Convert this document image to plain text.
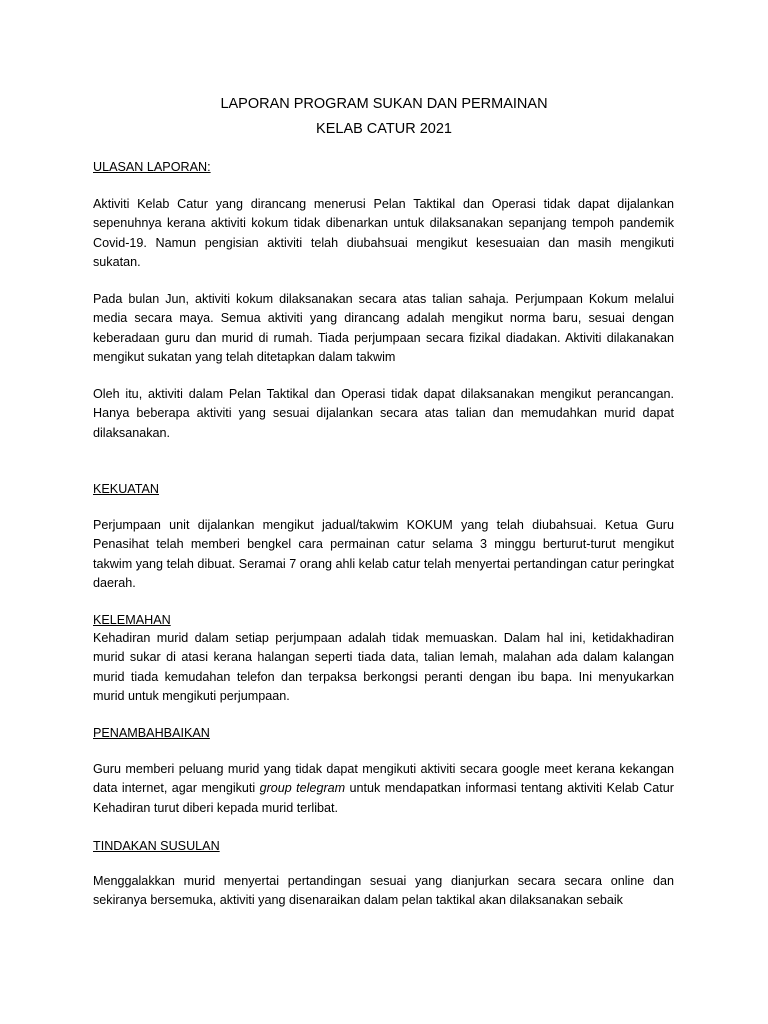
LAPORAN PROGRAM SUKAN DAN PERMAINAN

KELAB CATUR 2021

ULASAN LAPORAN:

Aktiviti Kelab Catur yang dirancang menerusi Pelan Taktikal dan Operasi tidak dapat dijalankan sepenuhnya kerana aktiviti kokum tidak dibenarkan untuk dilaksanakan sepanjang tempoh pandemik Covid-19. Namun pengisian aktiviti telah diubahsuai mengikut kesesuaian dan masih mengikuti sukatan.

Pada bulan Jun, aktiviti kokum dilaksanakan secara atas talian sahaja. Perjumpaan Kokum melalui media secara maya. Semua aktiviti yang dirancang adalah mengikut norma baru, sesuai dengan keberadaan guru dan murid di rumah. Tiada perjumpaan secara fizikal diadakan. Aktiviti dilakanakan mengikut sukatan yang telah ditetapkan dalam takwim

Oleh itu, aktiviti dalam Pelan Taktikal dan Operasi tidak dapat dilaksanakan mengikut perancangan. Hanya beberapa aktiviti yang sesuai dijalankan secara atas talian dan memudahkan murid dapat dilaksanakan.

KEKUATAN

Perjumpaan unit dijalankan mengikut jadual/takwim KOKUM yang telah diubahsuai. Ketua Guru Penasihat telah memberi bengkel cara permainan catur selama 3 minggu berturut-turut mengikut takwim yang telah dibuat. Seramai 7 orang ahli kelab catur telah menyertai pertandingan catur peringkat daerah.

KELEMAHAN

Kehadiran murid dalam setiap perjumpaan adalah tidak memuaskan. Dalam hal ini, ketidakhadiran murid sukar di atasi kerana halangan seperti tiada data, talian lemah, malahan ada dalam kalangan murid tiada kemudahan telefon dan terpaksa berkongsi peranti dengan ibu bapa. Ini menyukarkan murid untuk mengikuti perjumpaan.

PENAMBAHBAIKAN

Guru memberi peluang murid yang tidak dapat mengikuti aktiviti secara google meet kerana kekangan data internet, agar mengikuti group telegram untuk mendapatkan informasi tentang aktiviti Kelab Catur Kehadiran turut diberi kepada murid terlibat.

TINDAKAN SUSULAN

Menggalakkan murid menyertai pertandingan sesuai yang dianjurkan secara secara online dan sekiranya bersemuka, aktiviti yang disenaraikan dalam pelan taktikal akan dilaksanakan sebaik
